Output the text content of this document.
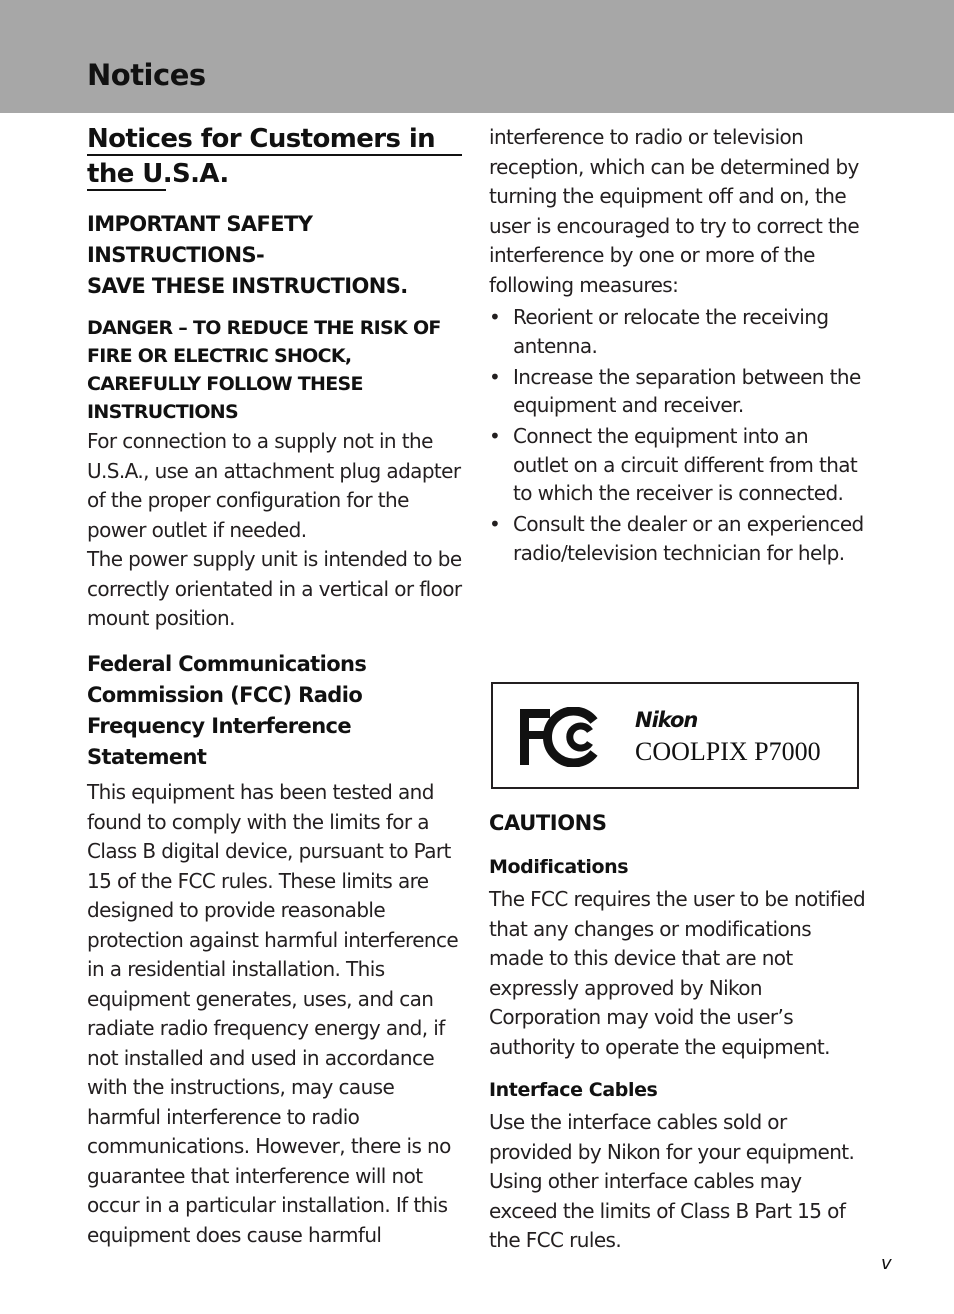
Notices
Notices for Customers in the U.S.A.
IMPORTANT SAFETY
INSTRUCTIONS-
SAVE THESE INSTRUCTIONS.
DANGER – TO REDUCE THE RISK OF
FIRE OR ELECTRIC SHOCK,
CAREFULLY FOLLOW THESE
INSTRUCTIONS
For connection to a supply not in the
U.S.A., use an attachment plug adapter
of the proper configuration for the
power outlet if needed.
The power supply unit is intended to be
correctly orientated in a vertical or floor
mount position.
Federal Communications
Commission (FCC) Radio
Frequency Interference
Statement
This equipment has been tested and
found to comply with the limits for a
Class B digital device, pursuant to Part
15 of the FCC rules. These limits are
designed to provide reasonable
protection against harmful interference
in a residential installation. This
equipment generates, uses, and can
radiate radio frequency energy and, if
not installed and used in accordance
with the instructions, may cause
harmful interference to radio
communications. However, there is no
guarantee that interference will not
occur in a particular installation. If this
equipment does cause harmful
interference to radio or television
reception, which can be determined by
turning the equipment off and on, the
user is encouraged to try to correct the
interference by one or more of the
following measures:
• Reorient or relocate the receiving
antenna.
• Increase the separation between the
equipment and receiver.
• Connect the equipment into an
outlet on a circuit different from that
to which the receiver is connected.
• Consult the dealer or an experienced
radio/television technician for help.
Nikon
COOLPIX P7000
CAUTIONS
Modifications
The FCC requires the user to be notified
that any changes or modifications
made to this device that are not
expressly approved by Nikon
Corporation may void the user’s
authority to operate the equipment.
Interface Cables
Use the interface cables sold or
provided by Nikon for your equipment.
Using other interface cables may
exceed the limits of Class B Part 15 of
the FCC rules.

v
